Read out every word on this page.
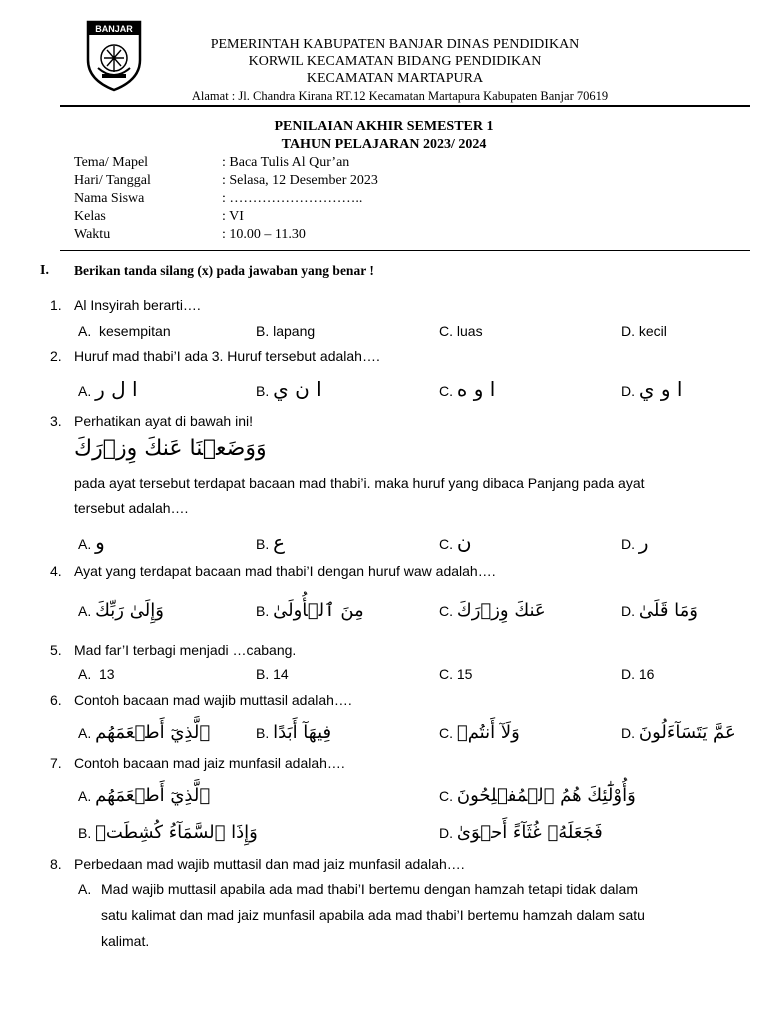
BANJAR
PEMERINTAH KABUPATEN BANJAR DINAS PENDIDIKAN
KORWIL KECAMATAN BIDANG PENDIDIKAN
KECAMATAN MARTAPURA
Alamat : Jl. Chandra Kirana RT.12 Kecamatan Martapura Kabupaten Banjar 70619
PENILAIAN AKHIR SEMESTER 1
TAHUN PELAJARAN 2023/ 2024
Tema/ Mapel	: Baca Tulis Al Qur’an
Hari/ Tanggal	: Selasa, 12 Desember 2023
Nama Siswa	: ………………………..
Kelas	: VI
Waktu	: 10.00 – 11.30
I. Berikan tanda silang (x) pada jawaban yang benar !
1. Al Insyirah berarti….
A. kesempitan	B. lapang	C. luas	D. kecil
2. Huruf mad thabi’I ada 3. Huruf tersebut adalah….
A. ا ل ر	B. ا ن ي	C. ا و ه	D. ا و ي
3. Perhatikan ayat di bawah ini!
وَوَضَعۡنَا عَنكَ وِزۡرَكَ
pada ayat tersebut terdapat bacaan mad thabi’i. maka huruf yang dibaca Panjang pada ayat
tersebut adalah….
A. و	B. ع	C. ن	D. ر
4. Ayat yang terdapat bacaan mad thabi’I dengan huruf waw adalah….
A. وَإِلَىٰ رَبِّكَ	B. مِنَ ٱلۡأُولَىٰ	C. عَنكَ وِزۡرَكَ	D. وَمَا قَلَىٰ
5. Mad far’I terbagi menjadi …cabang.
A. 13	B. 14	C. 15	D. 16
6. Contoh bacaan mad wajib muttasil adalah….
A. ٱلَّذِيٓ أَطۡعَمَهُم	B. فِيهَآ أَبَدًا	C. وَلَآ أَنتُمۡ	D. عَمَّ يَتَسَآءَلُونَ
7. Contoh bacaan mad jaiz munfasil adalah….
A. ٱلَّذِيٓ أَطۡعَمَهُم	C. وَأُوْلَٰٓئِكَ هُمُ ٱلۡمُفۡلِحُونَ
B. وَإِذَا ٱلسَّمَآءُ كُشِطَتۡ	D. فَجَعَلَهُۥ غُثَآءً أَحۡوَىٰ
8. Perbedaan mad wajib muttasil dan mad jaiz munfasil adalah….
A. Mad wajib muttasil apabila ada mad thabi’I bertemu dengan hamzah tetapi tidak dalam
satu kalimat dan mad jaiz munfasil apabila ada mad thabi’I bertemu hamzah dalam satu
kalimat.
